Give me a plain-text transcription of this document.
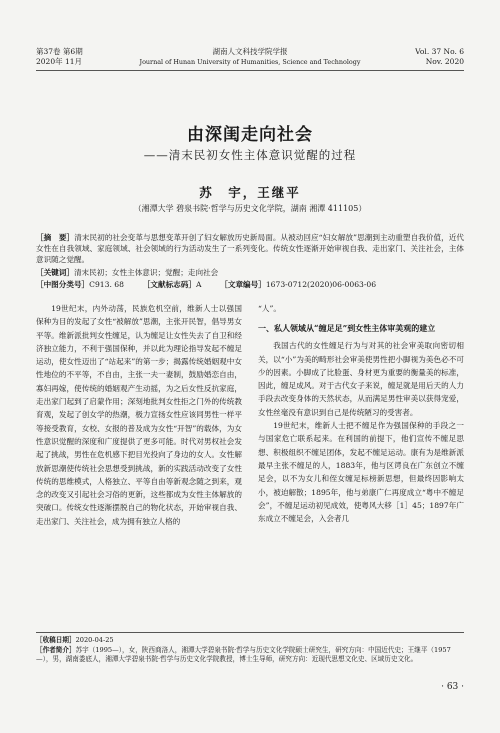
第37卷 第6期
2020年 11月
湖南人文科技学院学报
Journal of Hunan University of Humanities, Science and Technology
Vol. 37 No. 6
Nov. 2020
由深闺走向社会
——清末民初女性主体意识觉醒的过程
苏　宇，王继平
（湘潭大学 碧泉书院·哲学与历史文化学院，湖南 湘潭 411105）
［摘　要］清末民初的社会变革与思想变革开创了妇女解放历史新局面。从被动回应“妇女解放”思潮到主动重塑自我价值，近代女性在自我领域、家庭领域、社会领域的行为活动发生了一系列变化。传统女性逐渐开始审视自我、走出家门、关注社会，主体意识随之觉醒。
［关键词］清末民初；女性主体意识；觉醒；走向社会
［中图分类号］C913. 68 ［文献标志码］A ［文章编号］1673-0712(2020)06-0063-06

19世纪末，内外动荡，民族危机空前，维新人士以强国保种为目的发起了女性“被解放”思潮，主张开民智，倡导男女平等。维新派批判女性缠足，认为缠足让女性失去了自卫和经济独立能力，不利于强国保种，并以此为理论指导发起不缠足运动，使女性迈出了“站起来”的第一步；揭露传统婚姻观中女性地位的不平等，不自由，主张一夫一妻制，鼓励婚恋自由，寡妇再嫁，使传统的婚姻观产生动摇，为之后女性反抗家庭，走出家门起到了启蒙作用；深刻地批判女性拒之门外的传统教育观，发起了创女学的热潮，极力宣扬女性应该同男性一样平等接受教育，女校、女报的普及成为女性“开智”的载体，为女性意识觉醒的深度和广度提供了更多可能。时代对男权社会发起了挑战，男性在危机感下把目光投向了身边的女人。女性解放新思潮使传统社会思想受到挑战，新的实践活动改变了女性传统的思维模式，人格独立、平等自由等新观念随之到来，观念的改变又引起社会习俗的更新，这些都成为女性主体解放的突破口。传统女性逐渐摆脱自己的物化状态，开始审视自我、走出家门、关注社会，成为拥有独立人格的

“人”。
一、私人领域从“缠足足”到女性主体审美观的建立

我国古代的女性缠足行为与对其的社会审美取向密切相关，以“小”为美的畸形社会审美使男性把小脚视为美色必不可少的因素。小脚成了比脸蛋、身材更为重要的衡量美的标准，因此，缠足成风。对于古代女子来说，缠足就是用后天的人力手段去改变身体的天然状态，从而满足男性审美以获得宠爱，女性丝毫没有意识到自己是传统陋习的受害者。

19世纪末，维新人士把不缠足作为强国保种的手段之一与国家危亡联系起来。在利国的前提下，他们宣传不缠足思想、积极组织不缠足团体，发起不缠足运动。康有为是维新派最早主张不缠足的人，1883年，他与区谔良在广东创立不缠足会，以不为女儿和侄女缠足标榜新思想，但最终因影响太小，被迫解散；1895年，他与弟康广仁再度成立“粤中不缠足会”，不缠足运动初见成效，使粤风大移［1］45；1897年广东成立不缠足会，入会者几

［收稿日期］2020-04-25
［作者简介］苏宇（1995—），女，陕西商洛人，湘潭大学碧泉书院·哲学与历史文化学院硕士研究生，研究方向：中国近代史；王继平（1957—），男，湖南娄底人，湘潭大学碧泉书院·哲学与历史文化学院教授，博士生导师，研究方向：近现代思想文化史、区域历史文化。
· 63 ·
